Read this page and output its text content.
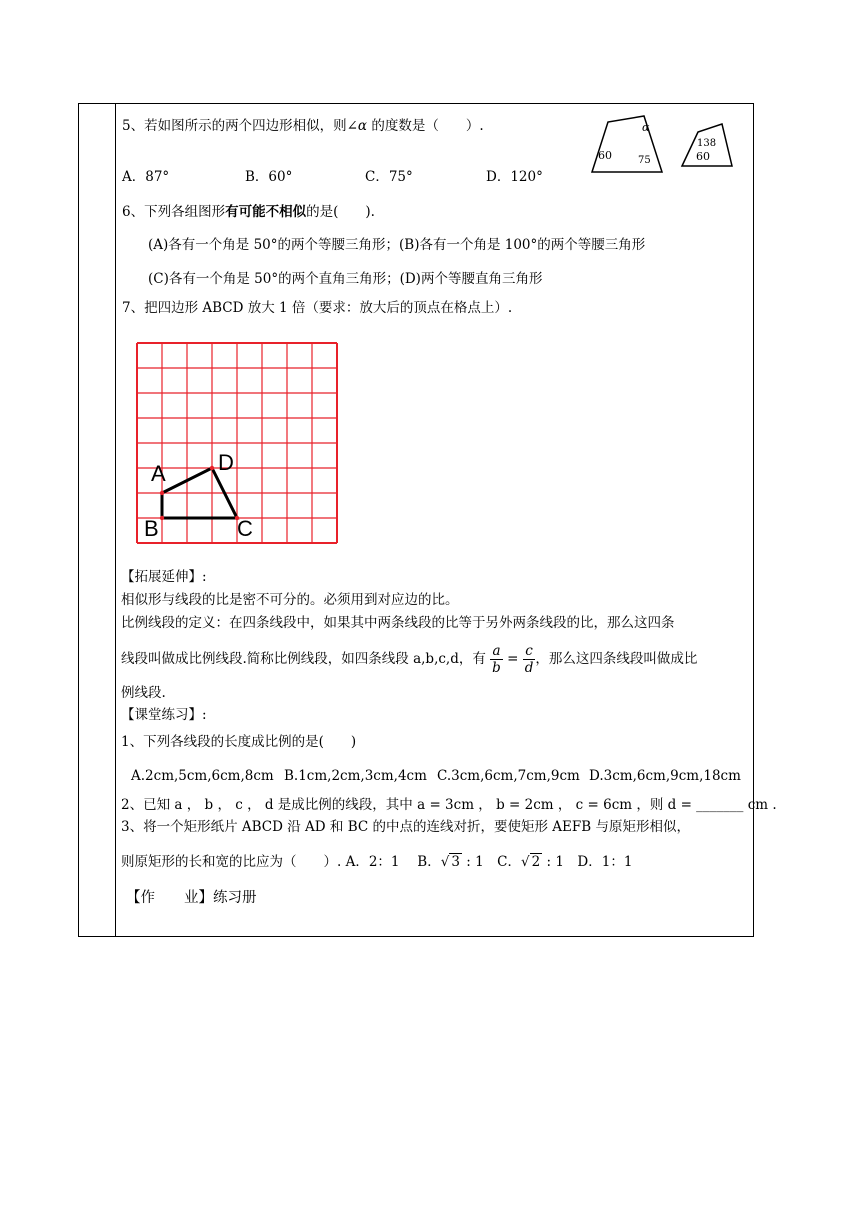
5、若如图所示的两个四边形相似，则∠α 的度数是（　　）.
A．87°	B．60°	C．75°	D．120°
α
60	75
138
60
6、下列各组图形有可能不相似的是(　　).
(A)各有一个角是 50°的两个等腰三角形；(B)各有一个角是 100°的两个等腰三角形
(C)各有一个角是 50°的两个直角三角形；(D)两个等腰直角三角形
7、把四边形 ABCD 放大 1 倍（要求：放大后的顶点在格点上）.
A
B	C
D
【拓展延伸】:
相似形与线段的比是密不可分的。必须用到对应边的比。
比例线段的定义：在四条线段中，如果其中两条线段的比等于另外两条线段的比，那么这四条
线段叫做成比例线段.简称比例线段，如四条线段 a,b,c,d，有 $\frac{a}{b} = \frac{c}{d}$ ，那么这四条线段叫做成比
例线段.
【课堂练习】:
1、下列各线段的长度成比例的是(　　)
A.2cm,5cm,6cm,8cm B.1cm,2cm,3cm,4cm C.3cm,6cm,7cm,9cm D.3cm,6cm,9cm,18cm
2、已知 a ， b ， c ， d 是成比例的线段，其中 a = 3cm ， b = 2cm ， c = 6cm ，则 d = _______ cm .
3、将一个矩形纸片 ABCD 沿 AD 和 BC 的中点的连线对折，要使矩形 AEFB 与原矩形相似，
则原矩形的长和宽的比应为（　　）. A．2：1　 B．√ 3 : 1　C．√ 2 : 1　D．1：1
【作　　业】练习册
